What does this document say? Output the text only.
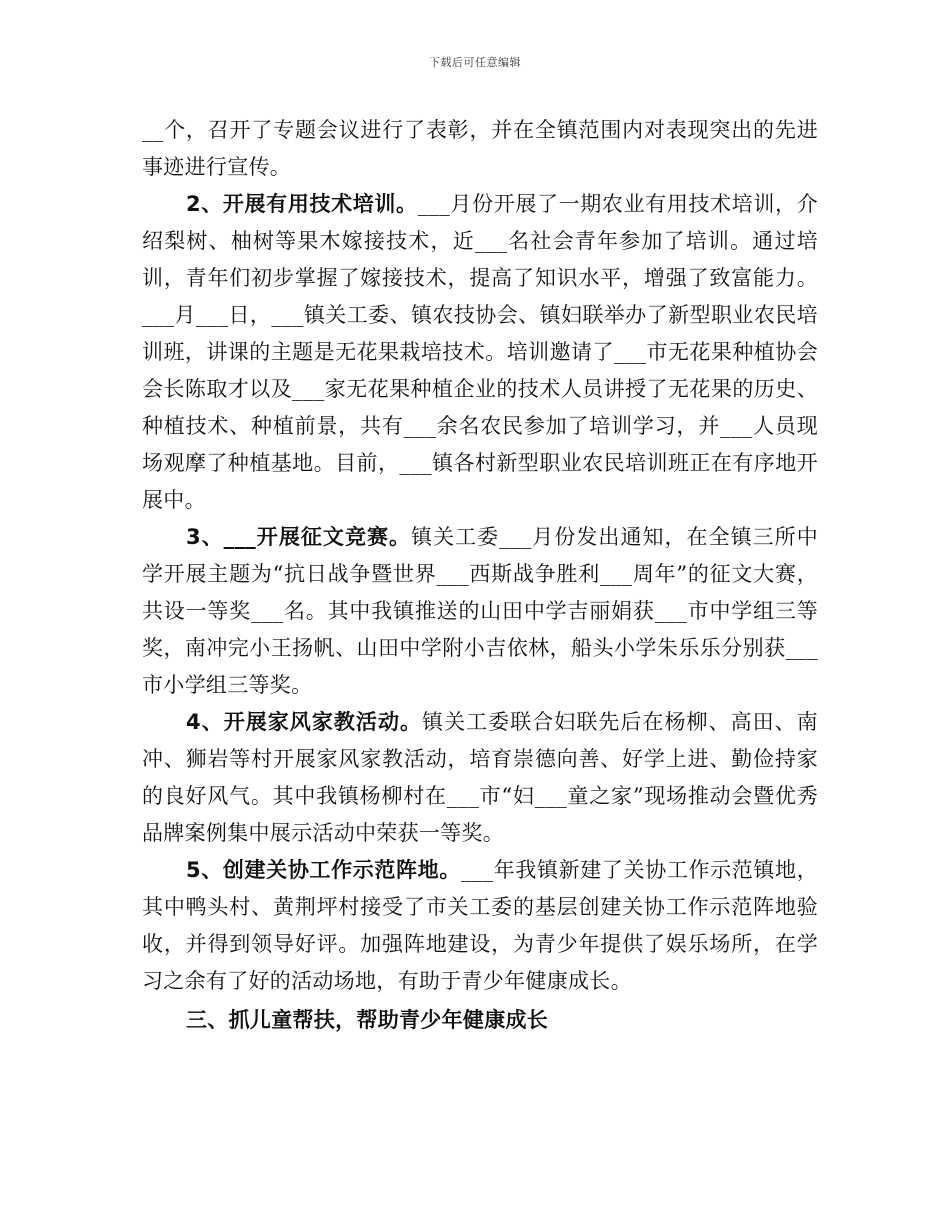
下载后可任意编辑

__个，召开了专题会议进行了表彰，并在全镇范围内对表现突出的先进事迹进行宣传。

2、开展有用技术培训。___月份开展了一期农业有用技术培训，介绍梨树、柚树等果木嫁接技术，近___名社会青年参加了培训。通过培训，青年们初步掌握了嫁接技术，提高了知识水平，增强了致富能力。___月___日，___镇关工委、镇农技协会、镇妇联举办了新型职业农民培训班，讲课的主题是无花果栽培技术。培训邀请了___市无花果种植协会会长陈取才以及___家无花果种植企业的技术人员讲授了无花果的历史、种植技术、种植前景，共有___余名农民参加了培训学习，并___人员现场观摩了种植基地。目前，___镇各村新型职业农民培训班正在有序地开展中。

3、___开展征文竞赛。镇关工委___月份发出通知，在全镇三所中学开展主题为“抗日战争暨世界___西斯战争胜利___周年”的征文大赛，共设一等奖___名。其中我镇推送的山田中学吉丽娟获___市中学组三等奖，南冲完小王扬帆、山田中学附小吉依林，船头小学朱乐乐分别获___市小学组三等奖。

4、开展家风家教活动。镇关工委联合妇联先后在杨柳、高田、南冲、狮岩等村开展家风家教活动，培育崇德向善、好学上进、勤俭持家的良好风气。其中我镇杨柳村在___市“妇___童之家”现场推动会暨优秀品牌案例集中展示活动中荣获一等奖。

5、创建关协工作示范阵地。___年我镇新建了关协工作示范镇地，其中鸭头村、黄荆坪村接受了市关工委的基层创建关协工作示范阵地验收，并得到领导好评。加强阵地建设，为青少年提供了娱乐场所，在学习之余有了好的活动场地，有助于青少年健康成长。

三、抓儿童帮扶，帮助青少年健康成长
